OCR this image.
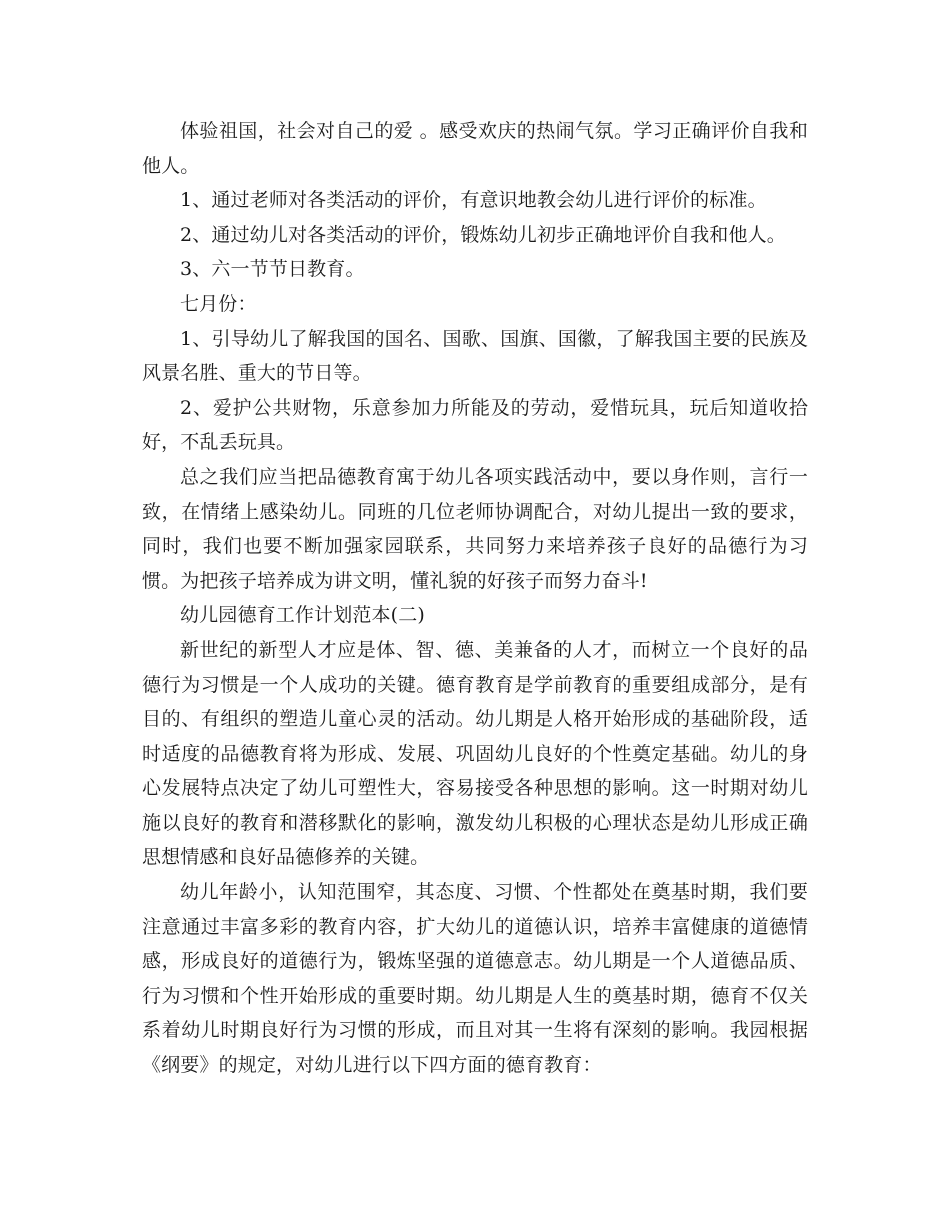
体验祖国，社会对自己的爱 。感受欢庆的热闹气氛。学习正确评价自我和他人。

1、通过老师对各类活动的评价，有意识地教会幼儿进行评价的标准。

2、通过幼儿对各类活动的评价，锻炼幼儿初步正确地评价自我和他人。

3、六一节节日教育。

七月份：

1、引导幼儿了解我国的国名、国歌、国旗、国徽，了解我国主要的民族及风景名胜、重大的节日等。

2、爱护公共财物，乐意参加力所能及的劳动，爱惜玩具，玩后知道收拾好，不乱丢玩具。

总之我们应当把品德教育寓于幼儿各项实践活动中，要以身作则，言行一致，在情绪上感染幼儿。同班的几位老师协调配合，对幼儿提出一致的要求，同时，我们也要不断加强家园联系，共同努力来培养孩子良好的品德行为习惯。为把孩子培养成为讲文明，懂礼貌的好孩子而努力奋斗!

幼儿园德育工作计划范本(二)

新世纪的新型人才应是体、智、德、美兼备的人才，而树立一个良好的品德行为习惯是一个人成功的关键。德育教育是学前教育的重要组成部分，是有目的、有组织的塑造儿童心灵的活动。幼儿期是人格开始形成的基础阶段，适时适度的品德教育将为形成、发展、巩固幼儿良好的个性奠定基础。幼儿的身心发展特点决定了幼儿可塑性大，容易接受各种思想的影响。这一时期对幼儿施以良好的教育和潜移默化的影响，激发幼儿积极的心理状态是幼儿形成正确思想情感和良好品德修养的关键。

幼儿年龄小，认知范围窄，其态度、习惯、个性都处在奠基时期，我们要注意通过丰富多彩的教育内容，扩大幼儿的道德认识，培养丰富健康的道德情感，形成良好的道德行为，锻炼坚强的道德意志。幼儿期是一个人道德品质、行为习惯和个性开始形成的重要时期。幼儿期是人生的奠基时期，德育不仅关系着幼儿时期良好行为习惯的形成，而且对其一生将有深刻的影响。我园根据《纲要》的规定，对幼儿进行以下四方面的德育教育：
